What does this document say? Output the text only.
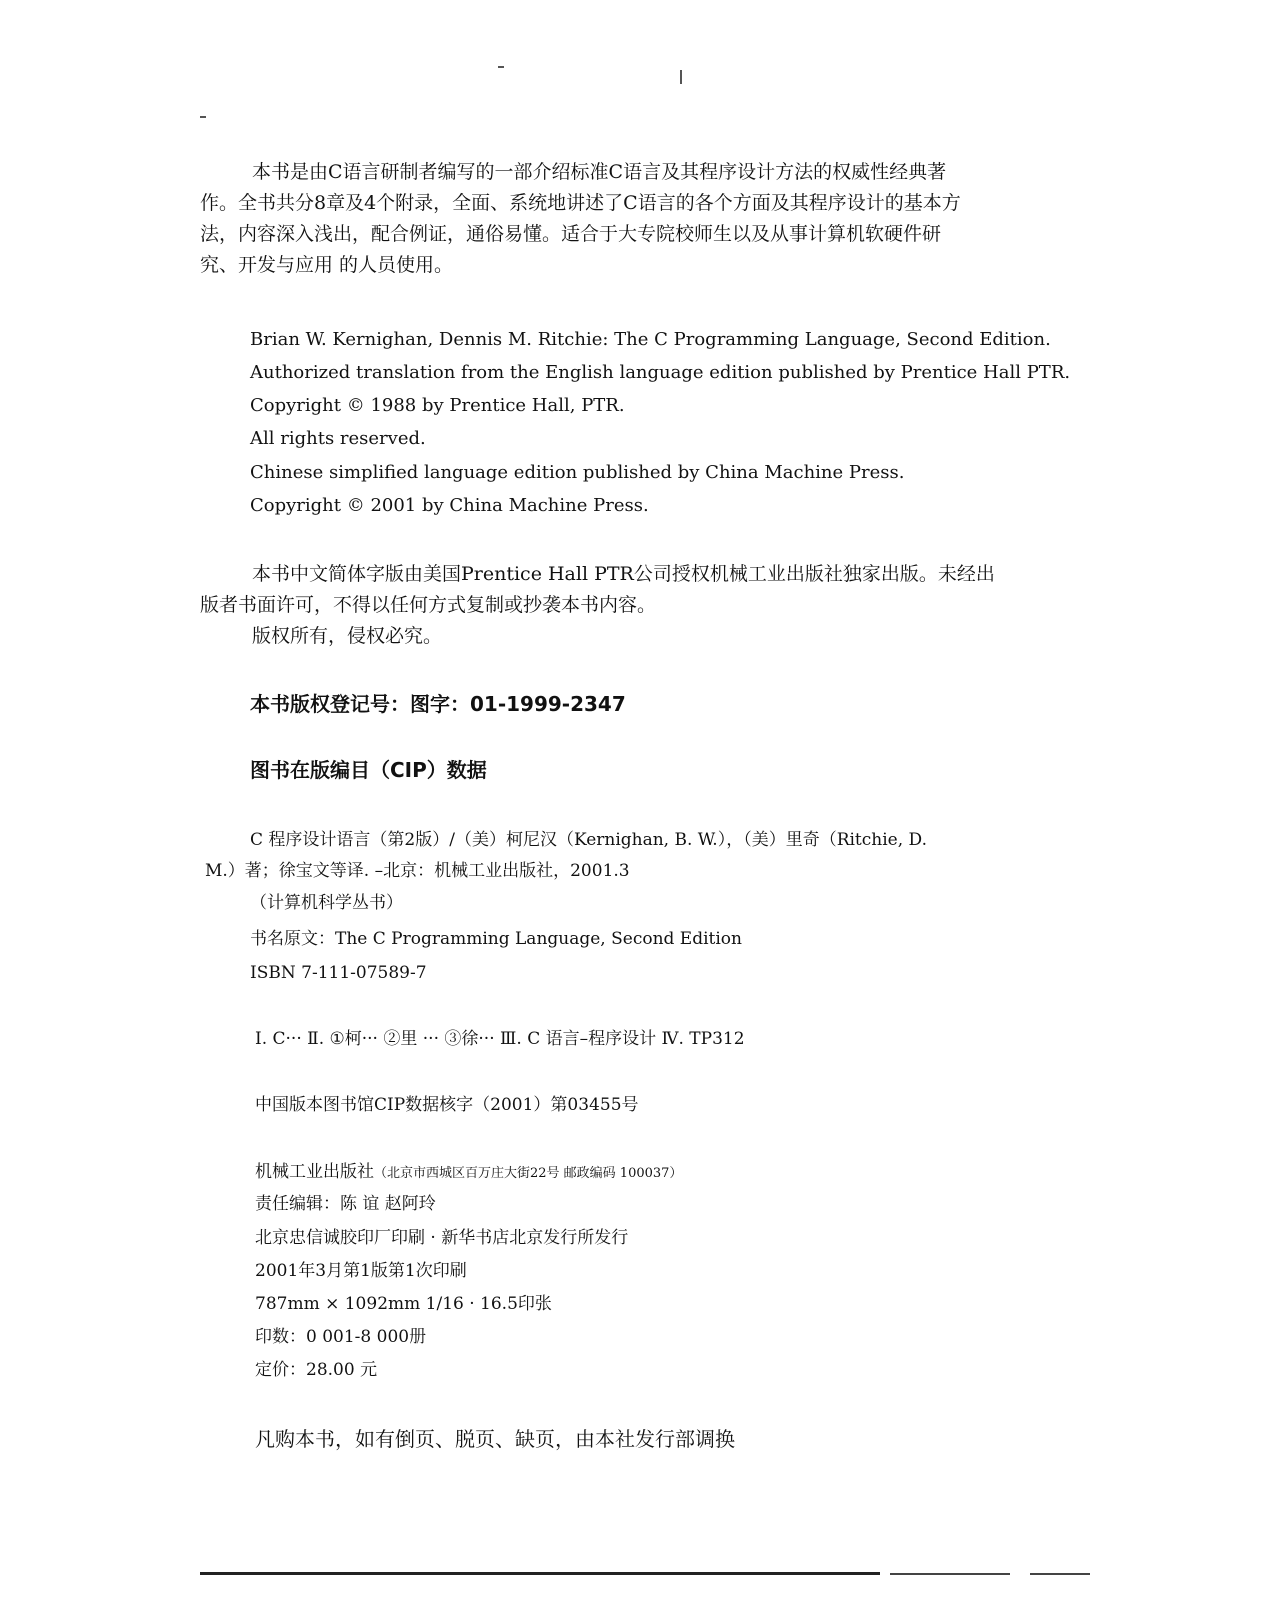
本书是由C语言研制者编写的一部介绍标准C语言及其程序设计方法的权威性经典著
作。全书共分8章及4个附录，全面、系统地讲述了C语言的各个方面及其程序设计的基本方
法，内容深入浅出，配合例证，通俗易懂。适合于大专院校师生以及从事计算机软硬件研
究、开发与应用 的人员使用。
Brian W. Kernighan, Dennis M. Ritchie: The C Programming Language, Second Edition.
Authorized translation from the English language edition published by Prentice Hall PTR.
Copyright © 1988 by Prentice Hall, PTR.
All rights reserved.
Chinese simplified language edition published by China Machine Press.
Copyright © 2001 by China Machine Press.
本书中文简体字版由美国Prentice Hall PTR公司授权机械工业出版社独家出版。未经出
版者书面许可，不得以任何方式复制或抄袭本书内容。
版权所有，侵权必究。
本书版权登记号：图字：01-1999-2347
图书在版编目（CIP）数据
C 程序设计语言（第2版）/（美）柯尼汉（Kernighan, B. W.），（美）里奇（Ritchie, D.
M.）著；徐宝文等译. –北京：机械工业出版社，2001.3
（计算机科学丛书）
书名原文：The C Programming Language, Second Edition
ISBN 7-111-07589-7
Ⅰ. C··· Ⅱ. ①柯··· ②里 ··· ③徐··· Ⅲ. C 语言–程序设计 Ⅳ. TP312
中国版本图书馆CIP数据核字（2001）第03455号
机械工业出版社（北京市西城区百万庄大街22号 邮政编码 100037）
责任编辑：陈 谊 赵阿玲
北京忠信诚胶印厂印刷 · 新华书店北京发行所发行
2001年3月第1版第1次印刷
787mm × 1092mm 1/16 · 16.5印张
印数：0 001-8 000册
定价：28.00 元
凡购本书，如有倒页、脱页、缺页，由本社发行部调换
